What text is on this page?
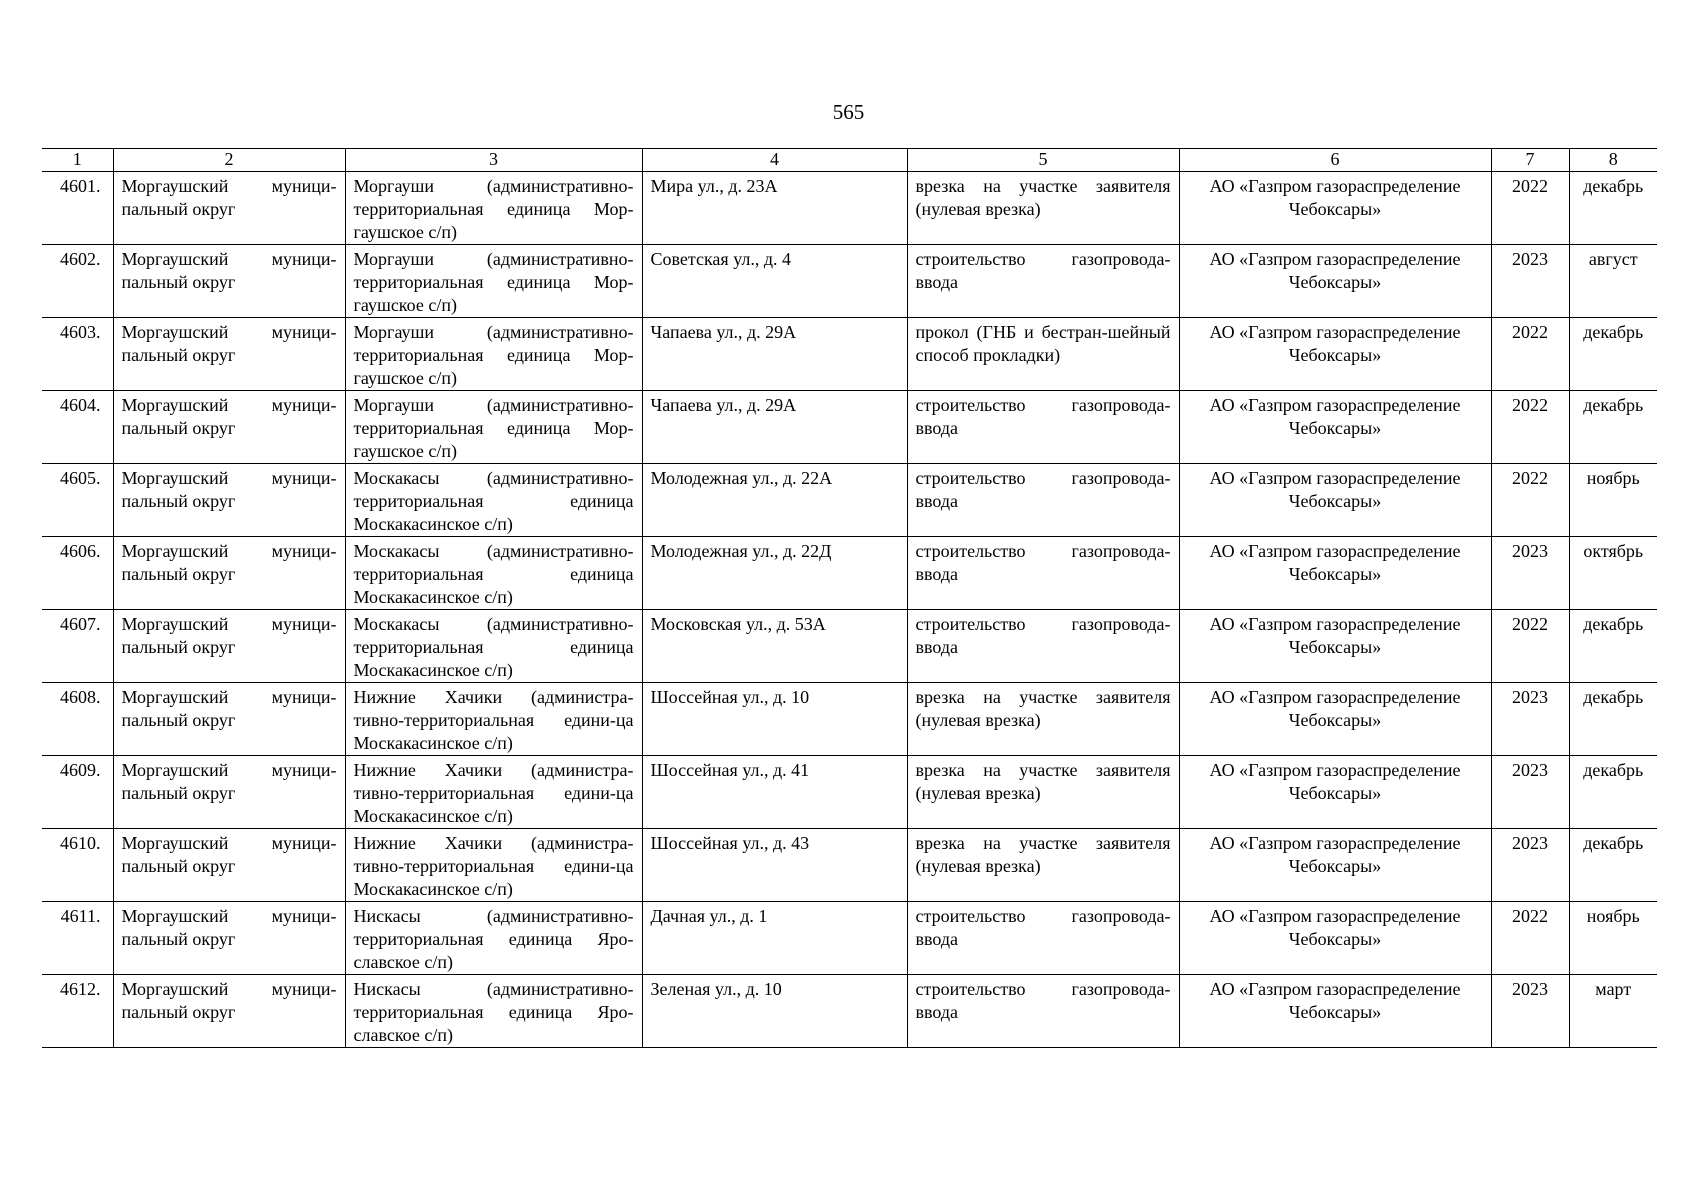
565
1	2	3	4	5	6	7	8
4601.	Моргаушский муници-пальный округ	Моргауши (административно-территориальная единица Мор-гаушское с/п)	Мира ул., д. 23А	врезка на участке заявителя (нулевая врезка)	АО «Газпром газораспределение Чебоксары»	2022	декабрь
4602.	Моргаушский муници-пальный округ	Моргауши (административно-территориальная единица Мор-гаушское с/п)	Советская ул., д. 4	строительство газопровода-ввода	АО «Газпром газораспределение Чебоксары»	2023	август
4603.	Моргаушский муници-пальный округ	Моргауши (административно-территориальная единица Мор-гаушское с/п)	Чапаева ул., д. 29А	прокол (ГНБ и бестран-шейный способ прокладки)	АО «Газпром газораспределение Чебоксары»	2022	декабрь
4604.	Моргаушский муници-пальный округ	Моргауши (административно-территориальная единица Мор-гаушское с/п)	Чапаева ул., д. 29А	строительство газопровода-ввода	АО «Газпром газораспределение Чебоксары»	2022	декабрь
4605.	Моргаушский муници-пальный округ	Москакасы (административно-территориальная единица Москакасинское с/п)	Молодежная ул., д. 22А	строительство газопровода-ввода	АО «Газпром газораспределение Чебоксары»	2022	ноябрь
4606.	Моргаушский муници-пальный округ	Москакасы (административно-территориальная единица Москакасинское с/п)	Молодежная ул., д. 22Д	строительство газопровода-ввода	АО «Газпром газораспределение Чебоксары»	2023	октябрь
4607.	Моргаушский муници-пальный округ	Москакасы (административно-территориальная единица Москакасинское с/п)	Московская ул., д. 53А	строительство газопровода-ввода	АО «Газпром газораспределение Чебоксары»	2022	декабрь
4608.	Моргаушский муници-пальный округ	Нижние Хачики (администра-тивно-территориальная едини-ца Москакасинское с/п)	Шоссейная ул., д. 10	врезка на участке заявителя (нулевая врезка)	АО «Газпром газораспределение Чебоксары»	2023	декабрь
4609.	Моргаушский муници-пальный округ	Нижние Хачики (администра-тивно-территориальная едини-ца Москакасинское с/п)	Шоссейная ул., д. 41	врезка на участке заявителя (нулевая врезка)	АО «Газпром газораспределение Чебоксары»	2023	декабрь
4610.	Моргаушский муници-пальный округ	Нижние Хачики (администра-тивно-территориальная едини-ца Москакасинское с/п)	Шоссейная ул., д. 43	врезка на участке заявителя (нулевая врезка)	АО «Газпром газораспределение Чебоксары»	2023	декабрь
4611.	Моргаушский муници-пальный округ	Нискасы (административно-территориальная единица Яро-славское с/п)	Дачная ул., д. 1	строительство газопровода-ввода	АО «Газпром газораспределение Чебоксары»	2022	ноябрь
4612.	Моргаушский муници-пальный округ	Нискасы (административно-территориальная единица Яро-славское с/п)	Зеленая ул., д. 10	строительство газопровода-ввода	АО «Газпром газораспределение Чебоксары»	2023	март
